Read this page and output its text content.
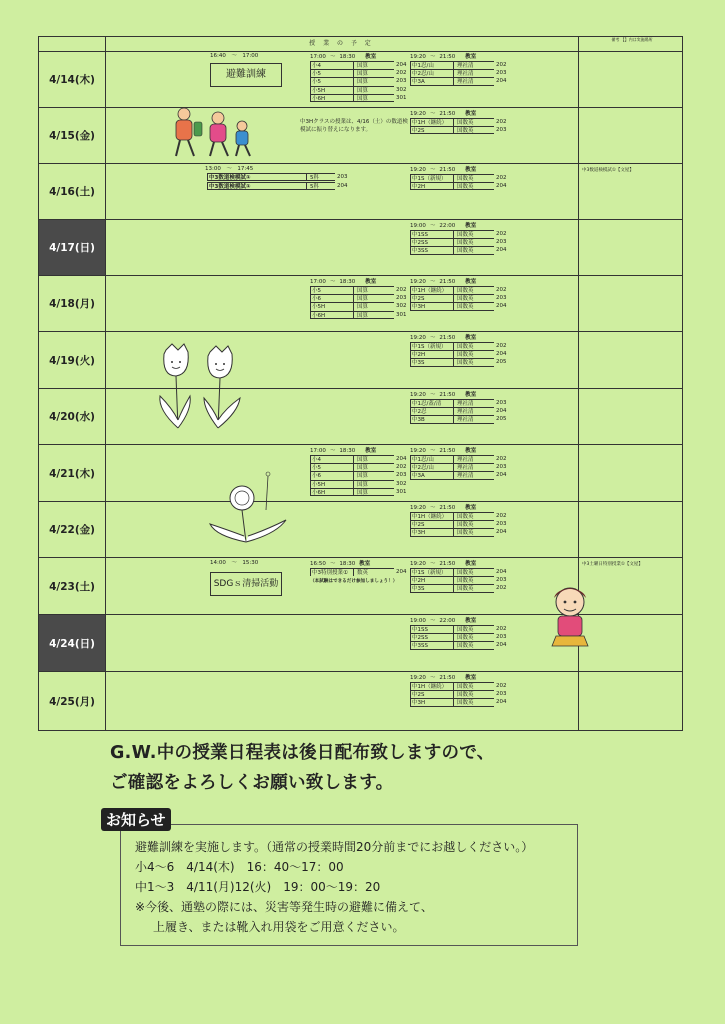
授 業 の 予 定
備考 【】内は実施場所
4/14(木)
17:00 〜 18:30 教室
小4	国算	204
小5	国算	202
小5	国算	203
小5H	国算	302
小6H	国算	301
19:20 〜 21:50 教室
中1忍/山	理社清	202
中2忍/山	理社清	203
中3A	理社清	204
16:40　〜　17:00
避難訓練
4/15(金)
19:20 〜 21:50 教室
中1H（継続）	国数英	202
中2S	国数英	203
中3Hクラスの授業は、4/16（土）の数道検模試に振り替えになります。
4/16(土)
19:20 〜 21:50 教室
中1S（新規）	国数英	202
中2H	国数英	204
13:00　〜　17:45
中3数道検模試①	5科	203
中3数道検模試①	5科	204
中3数道検模試①【文屋】
4/17(日)
19:00 〜 22:00 教室
中1SS	国数英	202
中2SS	国数英	203
中3SS	国数英	204
4/18(月)
17:00 〜 18:30 教室
小5	国算	202
小6	国算	203
小5H	国算	302
小6H	国算	301
19:20 〜 21:50 教室
中1H（継続）	国数英	202
中2S	国数英	203
中3H	国数英	204
4/19(火)
19:20 〜 21:50 教室
中1S（新規）	国数英	202
中2H	国数英	204
中3S	国数英	205
4/20(水)
19:20 〜 21:50 教室
中1忍/蓋/清	理社清	203
中2忍	理社清	204
中3B	理社清	205
4/21(木)
17:00 〜 18:30 教室
小4	国算	204
小5	国算	202
小6	国算	203
小5H	国算	302
小6H	国算	301
19:20 〜 21:50 教室
中1忍/山	理社清	202
中2忍/山	理社清	203
中3A	理社清	204
4/22(金)
19:20 〜 21:50 教室
中1H（継続）	国数英	202
中2S	国数英	203
中3H	国数英	204
4/23(土)
19:20 〜 21:50 教室
中1S（新規）	国数英	204
中2H	国数英	203
中3S	国数英	202
14:00　〜　15:30
SDGｓ清掃活動
16:50 〜 18:30 教室
中3特別授業①	数英	204
（本試験はできるだけ参加しましょう！）
中3土曜日特別授業①【文屋】
4/24(日)
19:00 〜 22:00 教室
中1SS	国数英	202
中2SS	国数英	203
中3SS	国数英	204
4/25(月)
19:20 〜 21:50 教室
中1H（継続）	国数英	202
中2S	国数英	203
中3H	国数英	204
G.W.中の授業日程表は後日配布致しますので、
ご確認をよろしくお願い致します。
避難訓練を実施します。（通常の授業時間20分前までにお越しください。）
小4〜6　4/14(木)　16：40〜17：00
中1〜3　4/11(月)12(火)　19：00〜19：20
※今後、通塾の際には、災害等発生時の避難に備えて、
上履き、または靴入れ用袋をご用意ください。
お知らせ
